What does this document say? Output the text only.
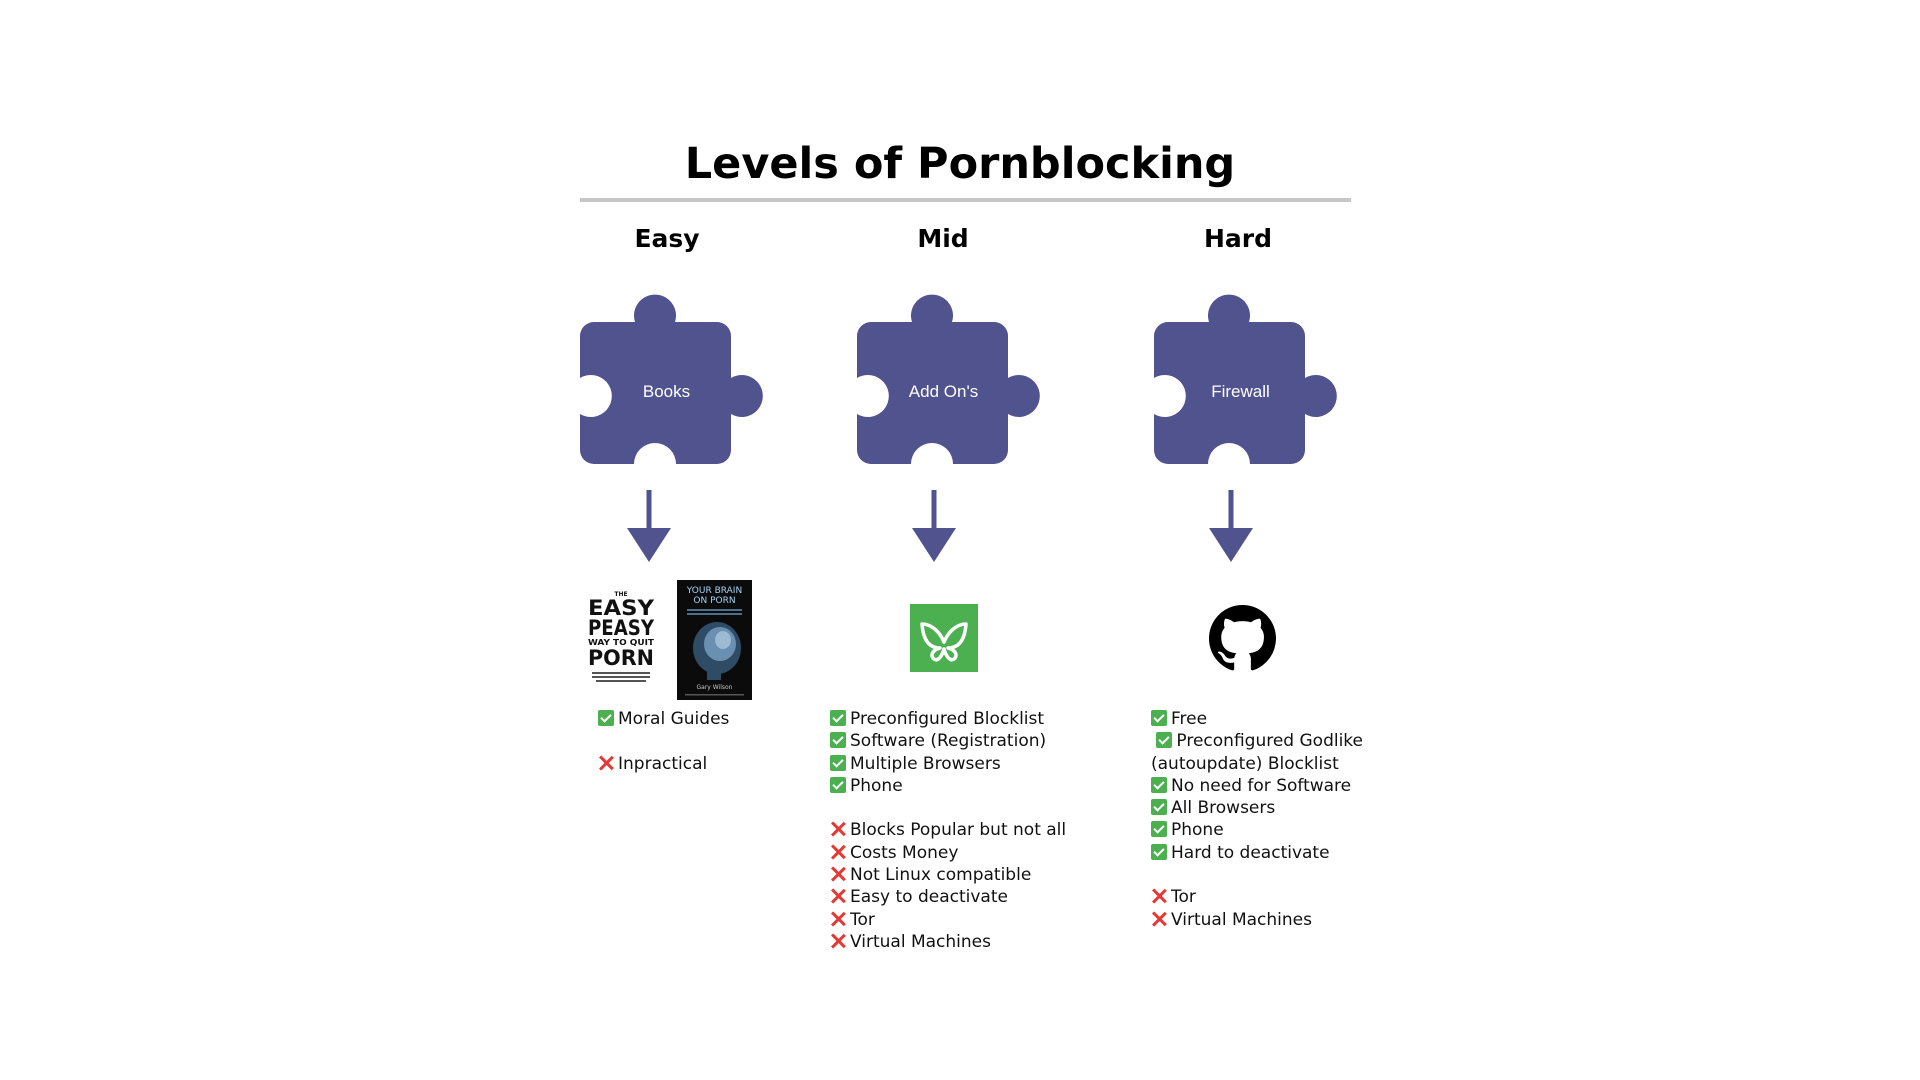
Levels of Pornblocking
Easy	Mid	Hard
Books	Add On's	Firewall
THE
EASY
PEASY
WAY TO QUIT
PORN
YOUR BRAIN
ON PORN
Gary Wilson
Moral Guides
Inpractical
Preconfigured Blocklist
Software (Registration)
Multiple Browsers
Phone
Blocks Popular but not all
Costs Money
Not Linux compatible
Easy to deactivate
Tor
Virtual Machines
Free
Preconfigured Godlike
(autoupdate) Blocklist
No need for Software
All Browsers
Phone
Hard to deactivate
Tor
Virtual Machines
